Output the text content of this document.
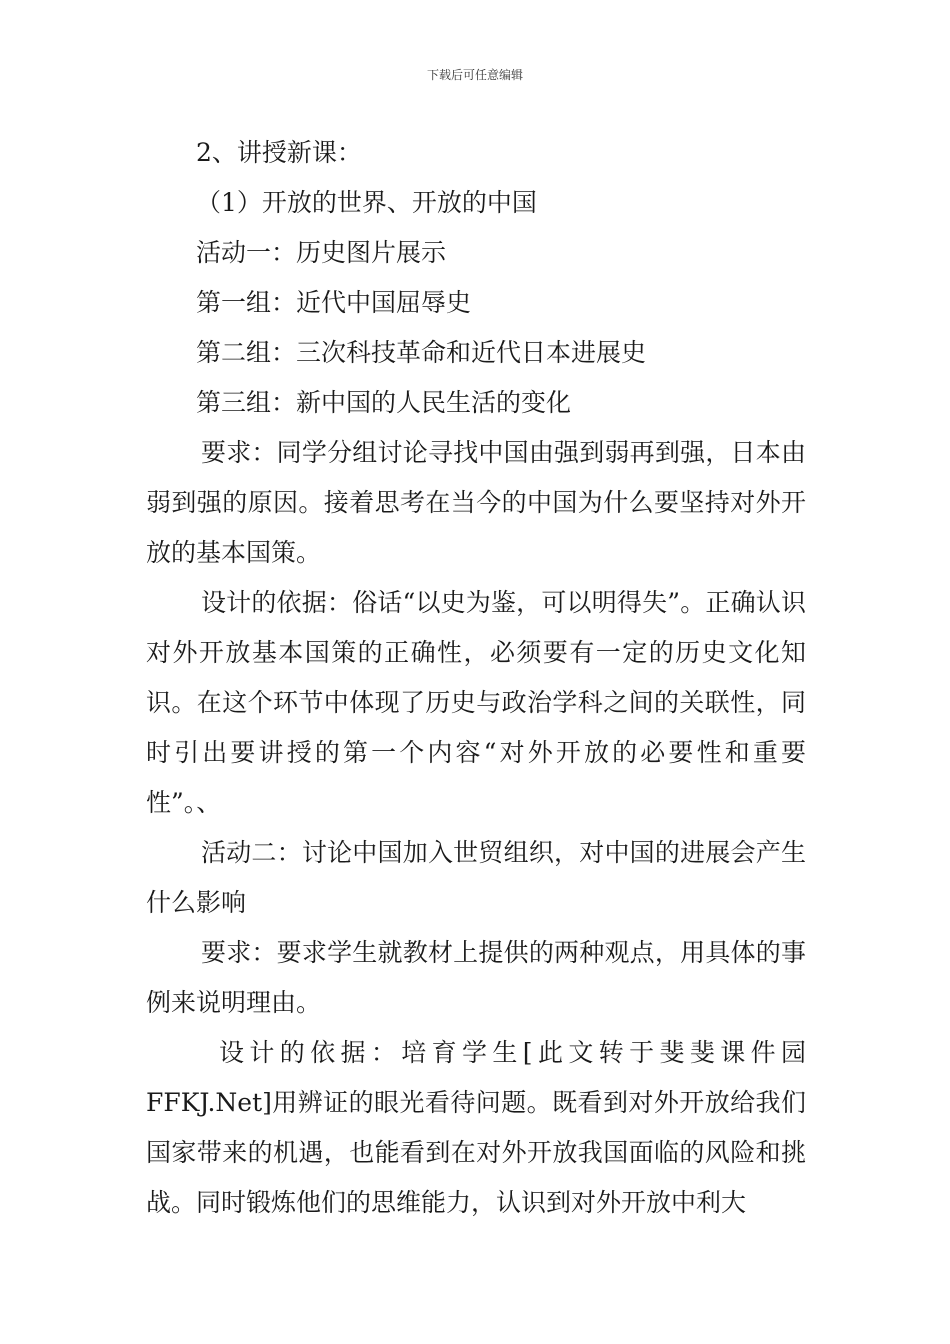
下载后可任意编辑
2、讲授新课：
（1）开放的世界、开放的中国
活动一：历史图片展示
第一组：近代中国屈辱史
第二组：三次科技革命和近代日本进展史
第三组：新中国的人民生活的变化

要求：同学分组讨论寻找中国由强到弱再到强，日本由弱到强的原因。接着思考在当今的中国为什么要坚持对外开放的基本国策。

设计的依据：俗话“以史为鉴，可以明得失”。正确认识对外开放基本国策的正确性，必须要有一定的历史文化知识。在这个环节中体现了历史与政治学科之间的关联性，同时引出要讲授的第一个内容“对外开放的必要性和重要性”。、

活动二：讨论中国加入世贸组织，对中国的进展会产生什么影响

要求：要求学生就教材上提供的两种观点，用具体的事例来说明理由。

设计的依据：培育学生[此文转于斐斐课件园FFKJ.Net]用辨证的眼光看待问题。既看到对外开放给我们国家带来的机遇，也能看到在对外开放我国面临的风险和挑战。同时锻炼他们的思维能力，认识到对外开放中利大
